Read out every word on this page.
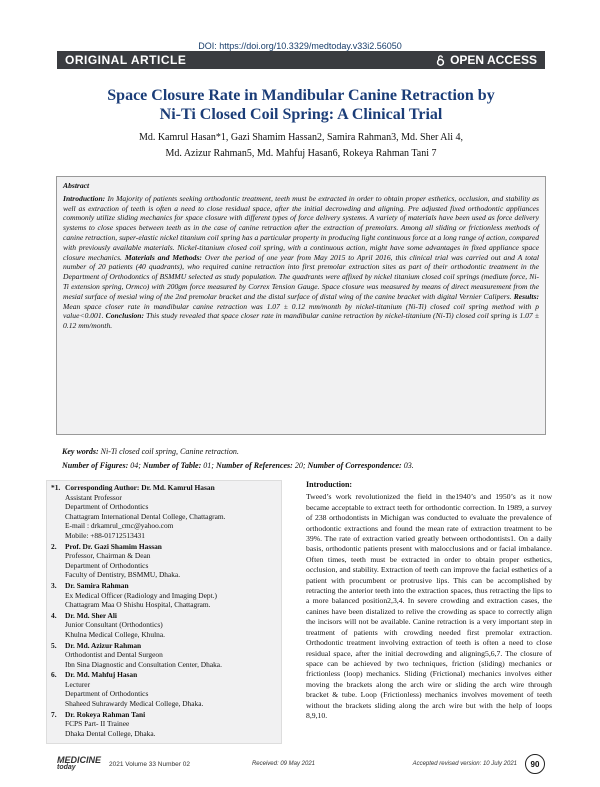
DOI: https://doi.org/10.3329/medtoday.v33i2.56050
ORIGINAL ARTICLE	OPEN ACCESS
Space Closure Rate in Mandibular Canine Retraction by
Ni-Ti Closed Coil Spring: A Clinical Trial
Md. Kamrul Hasan*1, Gazi Shamim Hassan2, Samira Rahman3, Md. Sher Ali 4,
Md. Azizur Rahman5, Md. Mahfuj Hasan6, Rokeya Rahman Tani 7
Abstract
Introduction: In Majority of patients seeking orthodontic treatment, teeth must be extracted in order to obtain proper esthetics, occlusion, and stability as well as extraction of teeth is often a need to close residual space, after the initial decrowding and aligning. Pre adjusted fixed orthodontic appliances commonly utilize sliding mechanics for space closure with different types of force delivery systems. A variety of materials have been used as force delivery systems to close spaces between teeth as in the case of canine retraction after the extraction of premolars. Among all sliding or frictionless methods of canine retraction, super-elastic nickel titanium coil spring has a particular property in producing light continuous force at a long range of action, compared with previously available materials. Nickel-titanium closed coil spring, with a continuous action, might have some advantages in fixed appliance space closure mechanics. Materials and Methods: Over the period of one year from May 2015 to April 2016, this clinical trial was carried out and A total number of 20 patients (40 quadrants), who required canine retraction into first premolar extraction sites as part of their orthodontic treatment in the Department of Orthodontics of BSMMU selected as study population. The quadrants were affixed by nickel titanium closed coil springs (medium force, Ni-Ti extension spring, Ormco) with 200gm force measured by Correx Tension Gauge. Space closure was measured by means of direct measurement from the mesial surface of mesial wing of the 2nd premolar bracket and the distal surface of distal wing of the canine bracket with digital Vernier Calipers. Results: Mean space closer rate in mandibular canine retraction was 1.07 ± 0.12 mm/month by nickel-titanium (Ni-Ti) closed coil spring method with p value<0.001. Conclusion: This study revealed that space closer rate in mandibular canine retraction by nickel-titanium (Ni-Ti) closed coil spring is 1.07 ± 0.12 mm/month.
Key words: Ni-Ti closed coil spring, Canine retraction.
Number of Figures: 04; Number of Table: 01; Number of References: 20; Number of Correspondence: 03.
*1. Corresponding Author: Dr. Md. Kamrul Hasan
Assistant Professor
Department of Orthodontics
Chattagram International Dental College, Chattagram.
E-mail : drkamrul_cmc@yahoo.com
Mobile: +88-01712513431
2.	Prof. Dr. Gazi Shamim Hassan
Professor, Chairman & Dean
Department of Orthodontics
Faculty of Dentistry, BSMMU, Dhaka.
3.	Dr. Samira Rahman
Ex Medical Officer (Radiology and Imaging Dept.)
Chattagram Maa O Shishu Hospital, Chattagram.
4.	Dr. Md. Sher Ali
Junior Consultant (Orthodontics)
Khulna Medical College, Khulna.
5.	Dr. Md. Azizur Rahman
Orthodontist and Dental Surgeon
Ibn Sina Diagnostic and Consultation Center, Dhaka.
6.	Dr. Md. Mahfuj Hasan
Lecturer
Department of Orthodontics
Shaheed Suhrawardy Medical College, Dhaka.
7.	Dr. Rokeya Rahman Tani
FCPS Part- II Trainee
Dhaka Dental College, Dhaka.
Introduction:
Tweed’s work revolutionized the field in the1940’s and 1950’s as it now became acceptable to extract teeth for orthodontic correction. In 1989, a survey of 238 orthodontists in Michigan was conducted to evaluate the prevalence of orthodontic extractions and found the mean rate of extraction treatment to be 39%. The rate of extraction varied greatly between orthodontists1. On a daily basis, orthodontic patients present with malocclusions and or facial imbalance. Often times, teeth must be extracted in order to obtain proper esthetics, occlusion, and stability. Extraction of teeth can improve the facial esthetics of a patient with procumbent or protrusive lips. This can be accomplished by retracting the anterior teeth into the extraction spaces, thus retracting the lips to a more balanced position2,3,4. In severe crowding and extraction cases, the canines have been distalized to relive the crowding as space to correctly align the incisors will not be available. Canine retraction is a very important step in treatment of patients with crowding needed first premolar extraction. Orthodontic treatment involving extraction of teeth is often a need to close residual space, after the initial decrowding and aligning5,6,7. The closure of space can be achieved by two techniques, friction (sliding) mechanics or frictionless (loop) mechanics. Sliding (Frictional) mechanics involves either moving the brackets along the arch wire or sliding the arch wire through bracket & tube. Loop (Frictionless) mechanics involves movement of teeth without the brackets sliding along the arch wire but with the help of loops 8,9,10.
MEDICINE
today	2021 Volume 33 Number 02	Received: 09 May 2021	Accepted revised version: 10 July 2021	90
